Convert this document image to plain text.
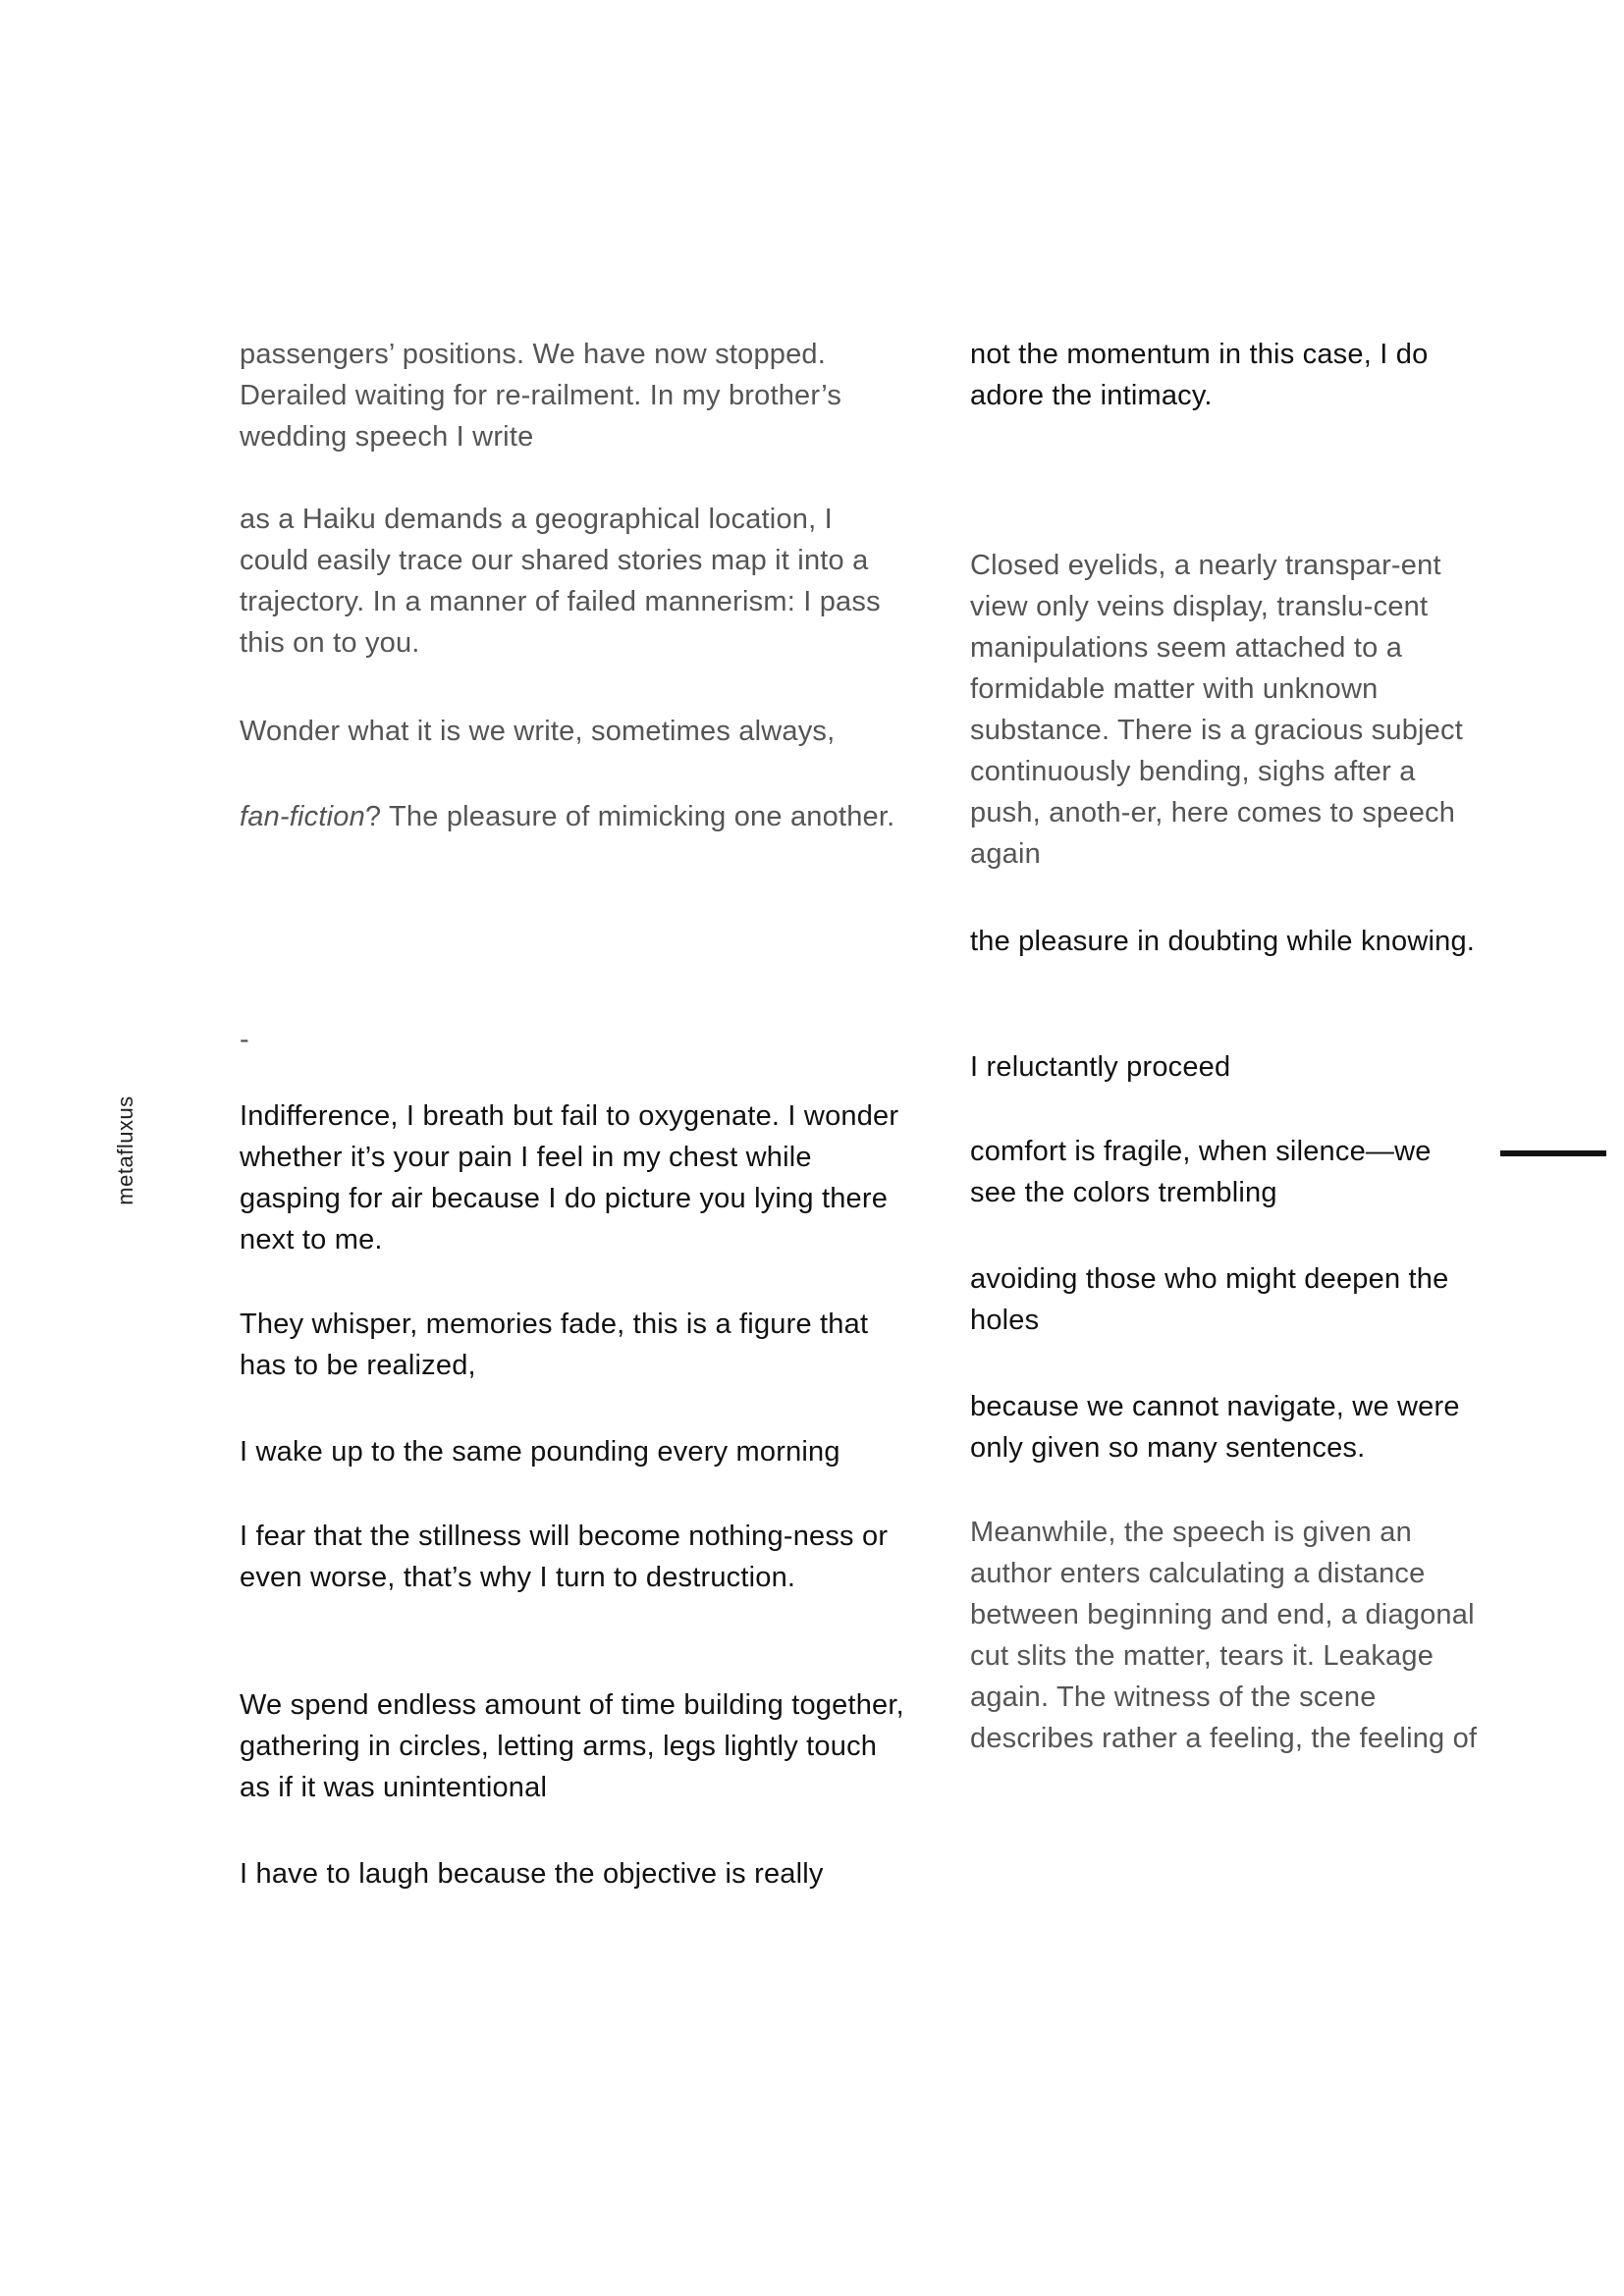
metafluxus

passengers’ positions. We have now stopped. Derailed waiting for re-railment. In my brother’s wedding speech I write

as a Haiku demands a geographical location, I could easily trace our shared stories map it into a trajectory. In a manner of failed mannerism: I pass this on to you.

Wonder what it is we write, sometimes always,

fan-fiction? The pleasure of mimicking one another.

Indifference, I breath but fail to oxygenate. I wonder whether it’s your pain I feel in my chest while gasping for air because I do picture you lying there next to me.

They whisper, memories fade, this is a figure that has to be realized,

I wake up to the same pounding every morning

I fear that the stillness will become nothing-ness or even worse, that’s why I turn to destruction.

We spend endless amount of time building together, gathering in circles, letting arms, legs lightly touch as if it was unintentional

I have to laugh because the objective is really

-

not the momentum in this case, I do adore the intimacy.

Closed eyelids, a nearly transpar-ent view only veins display, translu-cent manipulations seem attached to a formidable matter with unknown substance. There is a gracious subject continuously bending, sighs after a push, anoth-er, here comes to speech again

the pleasure in doubting while knowing.

I reluctantly proceed

comfort is fragile, when silence—we see the colors trembling

avoiding those who might deepen the holes

because we cannot navigate, we were only given so many sentences.

Meanwhile, the speech is given an author enters calculating a distance between beginning and end, a diagonal cut slits the matter, tears it. Leakage again. The witness of the scene describes rather a feeling, the feeling of
